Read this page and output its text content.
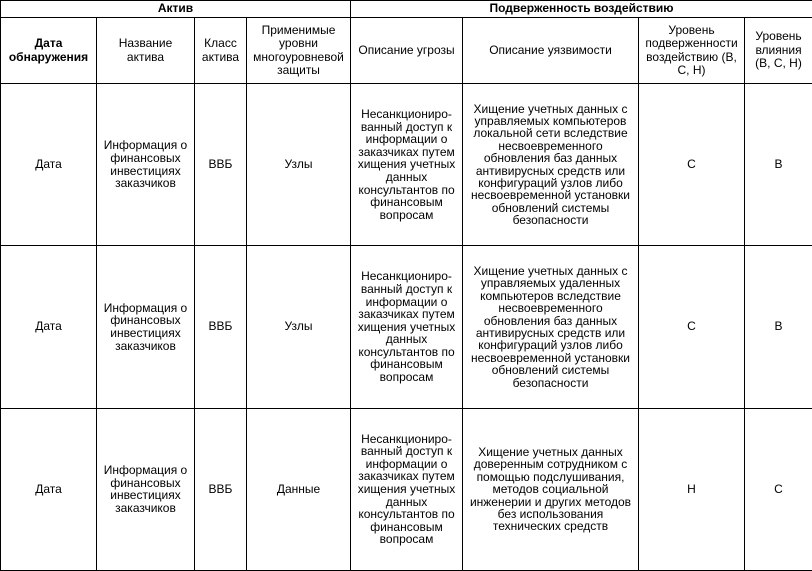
Актив				Подверженность воздействию			
Дата обнаружения	Название актива	Класс актива	Применимые уровни многоуровневой защиты	Описание угрозы	Описание уязвимости	Уровень подверженности воздействию (В, С, Н)	Уровень влияния (В, С, Н)
Дата	Информация о финансовых инвестициях заказчиков	ВВБ	Узлы	Несанкциониро-ванный доступ к информации о заказчиках путем хищения учетных данных консультантов по финансовым вопросам	Хищение учетных данных с управляемых компьютеров локальной сети вследствие несвоевременного обновления баз данных антивирусных средств или конфигураций узлов либо несвоевременной установки обновлений системы безопасности	С	В
Дата	Информация о финансовых инвестициях заказчиков	ВВБ	Узлы	Несанкциониро-ванный доступ к информации о заказчиках путем хищения учетных данных консультантов по финансовым вопросам	Хищение учетных данных с управляемых удаленных компьютеров вследствие несвоевременного обновления баз данных антивирусных средств или конфигураций узлов либо несвоевременной установки обновлений системы безопасности	С	В
Дата	Информация о финансовых инвестициях заказчиков	ВВБ	Данные	Несанкциониро-ванный доступ к информации о заказчиках путем хищения учетных данных консультантов по финансовым вопросам	Хищение учетных данных доверенным сотрудником с помощью подслушивания, методов социальной инженерии и других методов без использования технических средств	Н	С
